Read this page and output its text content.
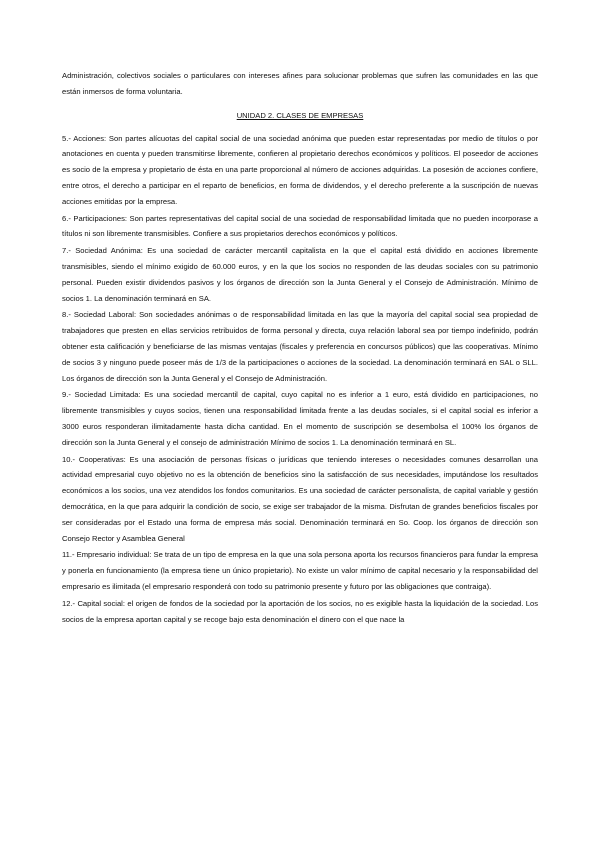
Administración, colectivos sociales o particulares con intereses afines para solucionar problemas que sufren las comunidades en las que están inmersos de forma voluntaria.

UNIDAD 2. CLASES DE EMPRESAS

5.- Acciones: Son partes alícuotas del capital social de una sociedad anónima que pueden estar representadas por medio de títulos o por anotaciones en cuenta y pueden transmitirse libremente, confieren al propietario derechos económicos y políticos. El poseedor de acciones es socio de la empresa y propietario de ésta en una parte proporcional al número de acciones adquiridas. La posesión de acciones confiere, entre otros, el derecho a participar en el reparto de beneficios, en forma de dividendos, y el derecho preferente a la suscripción de nuevas acciones emitidas por la empresa.

6.- Participaciones: Son partes representativas del capital social de una sociedad de responsabilidad limitada que no pueden incorporase a títulos ni son libremente transmisibles. Confiere a sus propietarios derechos económicos y políticos.

7.- Sociedad Anónima: Es una sociedad de carácter mercantil capitalista en la que el capital está dividido en acciones libremente transmisibles, siendo el mínimo exigido de 60.000 euros, y en la que los socios no responden de las deudas sociales con su patrimonio personal. Pueden existir dividendos pasivos y los órganos de dirección son la Junta General y el Consejo de Administración. Mínimo de socios 1. La denominación terminará en SA.

8.- Sociedad Laboral: Son sociedades anónimas o de responsabilidad limitada en las que la mayoría del capital social sea propiedad de trabajadores que presten en ellas servicios retribuidos de forma personal y directa, cuya relación laboral sea por tiempo indefinido, podrán obtener esta calificación y beneficiarse de las mismas ventajas (fiscales y preferencia en concursos públicos) que las cooperativas. Mínimo de socios 3 y ninguno puede poseer más de 1/3 de la participaciones o acciones de la sociedad. La denominación terminará en SAL o SLL. Los órganos de dirección son la Junta General y el Consejo de Administración.

9.- Sociedad Limitada: Es una sociedad mercantil de capital, cuyo capital no es inferior a 1 euro, está dividido en participaciones, no libremente transmisibles y cuyos socios, tienen una responsabilidad limitada frente a las deudas sociales, si el capital social es inferior a 3000 euros responderan ilimitadamente hasta dicha cantidad. En el momento de suscripción se desembolsa el 100% los órganos de dirección son la Junta General y el consejo de administración Mínimo de socios 1. La denominación terminará en SL.

10.- Cooperativas: Es una asociación de personas físicas o jurídicas que teniendo intereses o necesidades comunes desarrollan una actividad empresarial cuyo objetivo no es la obtención de beneficios sino la satisfacción de sus necesidades, imputándose los resultados económicos a los socios, una vez atendidos los fondos comunitarios. Es una sociedad de carácter personalista, de capital variable y gestión democrática, en la que para adquirir la condición de socio, se exige ser trabajador de la misma. Disfrutan de grandes beneficios fiscales por ser consideradas por el Estado una forma de empresa más social. Denominación terminará en So. Coop. los órganos de dirección son Consejo Rector y Asamblea General

11.- Empresario individual: Se trata de un tipo de empresa en la que una sola persona aporta los recursos financieros para fundar la empresa y ponerla en funcionamiento (la empresa tiene un único propietario). No existe un valor mínimo de capital necesario y la responsabilidad del empresario es ilimitada (el empresario responderá con todo su patrimonio presente y futuro por las obligaciones que contraiga).

12.- Capital social: el origen de fondos de la sociedad por la aportación de los socios, no es exigible hasta la liquidación de la sociedad. Los socios de la empresa aportan capital y se recoge bajo esta denominación el dinero con el que nace la
